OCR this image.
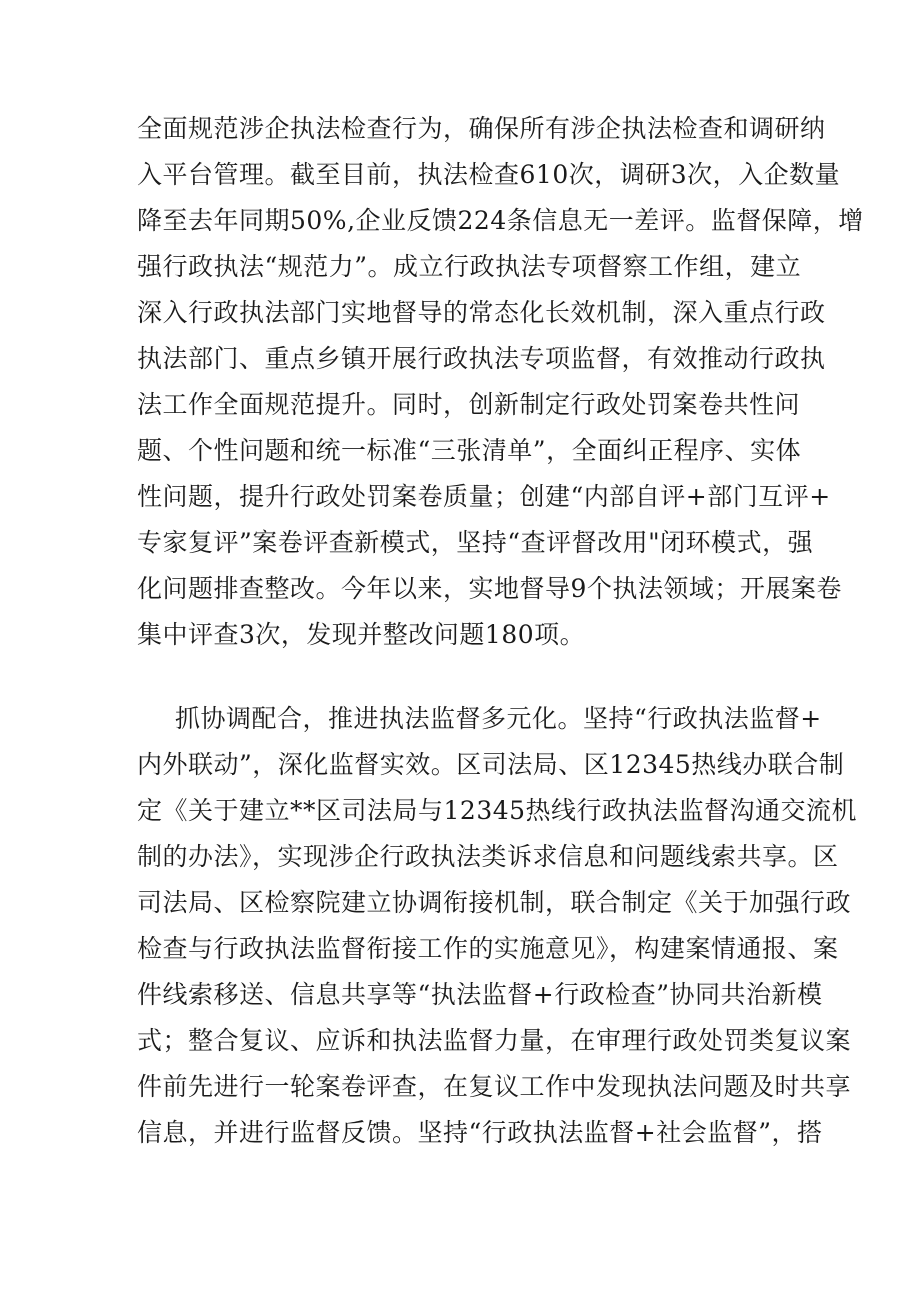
全面规范涉企执法检查行为，确保所有涉企执法检查和调研纳
入平台管理。截至目前，执法检查610次，调研3次，入企数量
降至去年同期50%,企业反馈224条信息无一差评。监督保障，增
强行政执法“规范力”。成立行政执法专项督察工作组，建立
深入行政执法部门实地督导的常态化长效机制，深入重点行政
执法部门、重点乡镇开展行政执法专项监督，有效推动行政执
法工作全面规范提升。同时，创新制定行政处罚案卷共性问
题、个性问题和统一标准“三张清单”，全面纠正程序、实体
性问题，提升行政处罚案卷质量；创建“内部自评+部门互评+
专家复评”案卷评查新模式，坚持“查评督改用"闭环模式，强
化问题排查整改。今年以来，实地督导9个执法领域；开展案卷
集中评查3次，发现并整改问题180项。
抓协调配合，推进执法监督多元化。坚持“行政执法监督+
内外联动”，深化监督实效。区司法局、区12345热线办联合制
定《关于建立**区司法局与12345热线行政执法监督沟通交流机
制的办法》，实现涉企行政执法类诉求信息和问题线索共享。区
司法局、区检察院建立协调衔接机制，联合制定《关于加强行政
检查与行政执法监督衔接工作的实施意见》，构建案情通报、案
件线索移送、信息共享等“执法监督+行政检查”协同共治新模
式；整合复议、应诉和执法监督力量，在审理行政处罚类复议案
件前先进行一轮案卷评查，在复议工作中发现执法问题及时共享
信息，并进行监督反馈。坚持“行政执法监督+社会监督”，搭
